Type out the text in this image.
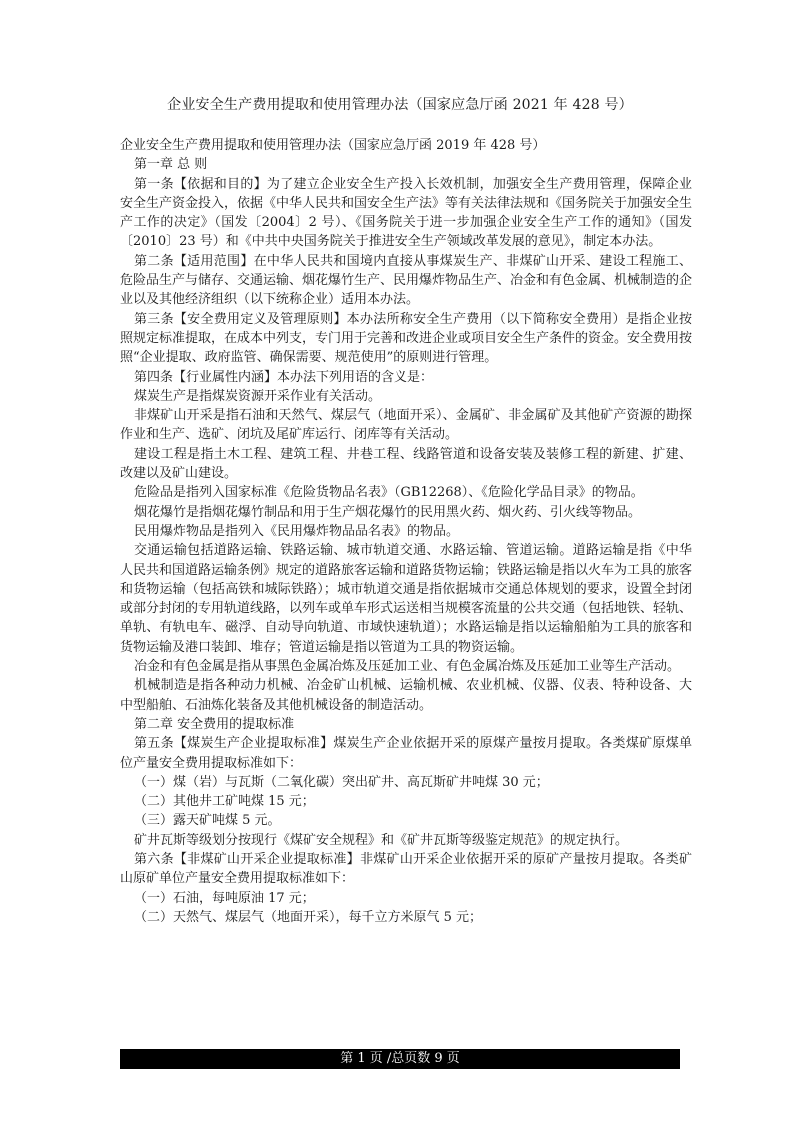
企业安全生产费用提取和使用管理办法（国家应急厅函 2021 年 428 号）

企业安全生产费用提取和使用管理办法（国家应急厅函 2019 年 428 号）

第一章 总 则

第一条【依据和目的】为了建立企业安全生产投入长效机制，加强安全生产费用管理，保障企业安全生产资金投入，依据《中华人民共和国安全生产法》等有关法律法规和《国务院关于加强安全生产工作的决定》（国发〔2004〕2 号）、《国务院关于进一步加强企业安全生产工作的通知》（国发〔2010〕23 号）和《中共中央国务院关于推进安全生产领域改革发展的意见》，制定本办法。

第二条【适用范围】在中华人民共和国境内直接从事煤炭生产、非煤矿山开采、建设工程施工、危险品生产与储存、交通运输、烟花爆竹生产、民用爆炸物品生产、冶金和有色金属、机械制造的企业以及其他经济组织（以下统称企业）适用本办法。

第三条【安全费用定义及管理原则】本办法所称安全生产费用（以下简称安全费用）是指企业按照规定标准提取，在成本中列支，专门用于完善和改进企业或项目安全生产条件的资金。安全费用按照“企业提取、政府监管、确保需要、规范使用”的原则进行管理。

第四条【行业属性内涵】本办法下列用语的含义是：

煤炭生产是指煤炭资源开采作业有关活动。

非煤矿山开采是指石油和天然气、煤层气（地面开采）、金属矿、非金属矿及其他矿产资源的勘探作业和生产、选矿、闭坑及尾矿库运行、闭库等有关活动。

建设工程是指土木工程、建筑工程、井巷工程、线路管道和设备安装及装修工程的新建、扩建、改建以及矿山建设。

危险品是指列入国家标准《危险货物品名表》（GB12268）、《危险化学品目录》的物品。

烟花爆竹是指烟花爆竹制品和用于生产烟花爆竹的民用黑火药、烟火药、引火线等物品。

民用爆炸物品是指列入《民用爆炸物品品名表》的物品。

交通运输包括道路运输、铁路运输、城市轨道交通、水路运输、管道运输。道路运输是指《中华人民共和国道路运输条例》规定的道路旅客运输和道路货物运输；铁路运输是指以火车为工具的旅客和货物运输（包括高铁和城际铁路）；城市轨道交通是指依据城市交通总体规划的要求，设置全封闭或部分封闭的专用轨道线路，以列车或单车形式运送相当规模客流量的公共交通（包括地铁、轻轨、单轨、有轨电车、磁浮、自动导向轨道、市域快速轨道）；水路运输是指以运输船舶为工具的旅客和货物运输及港口装卸、堆存；管道运输是指以管道为工具的物资运输。

冶金和有色金属是指从事黑色金属冶炼及压延加工业、有色金属冶炼及压延加工业等生产活动。

机械制造是指各种动力机械、冶金矿山机械、运输机械、农业机械、仪器、仪表、特种设备、大中型船舶、石油炼化装备及其他机械设备的制造活动。

第二章 安全费用的提取标准

第五条【煤炭生产企业提取标准】煤炭生产企业依据开采的原煤产量按月提取。各类煤矿原煤单位产量安全费用提取标准如下：

（一）煤（岩）与瓦斯（二氧化碳）突出矿井、高瓦斯矿井吨煤 30 元；

（二）其他井工矿吨煤 15 元；

（三）露天矿吨煤 5 元。

矿井瓦斯等级划分按现行《煤矿安全规程》和《矿井瓦斯等级鉴定规范》的规定执行。

第六条【非煤矿山开采企业提取标准】非煤矿山开采企业依据开采的原矿产量按月提取。各类矿山原矿单位产量安全费用提取标准如下：

（一）石油，每吨原油 17 元；

（二）天然气、煤层气（地面开采），每千立方米原气 5 元；

第 1 页 /总页数 9 页
